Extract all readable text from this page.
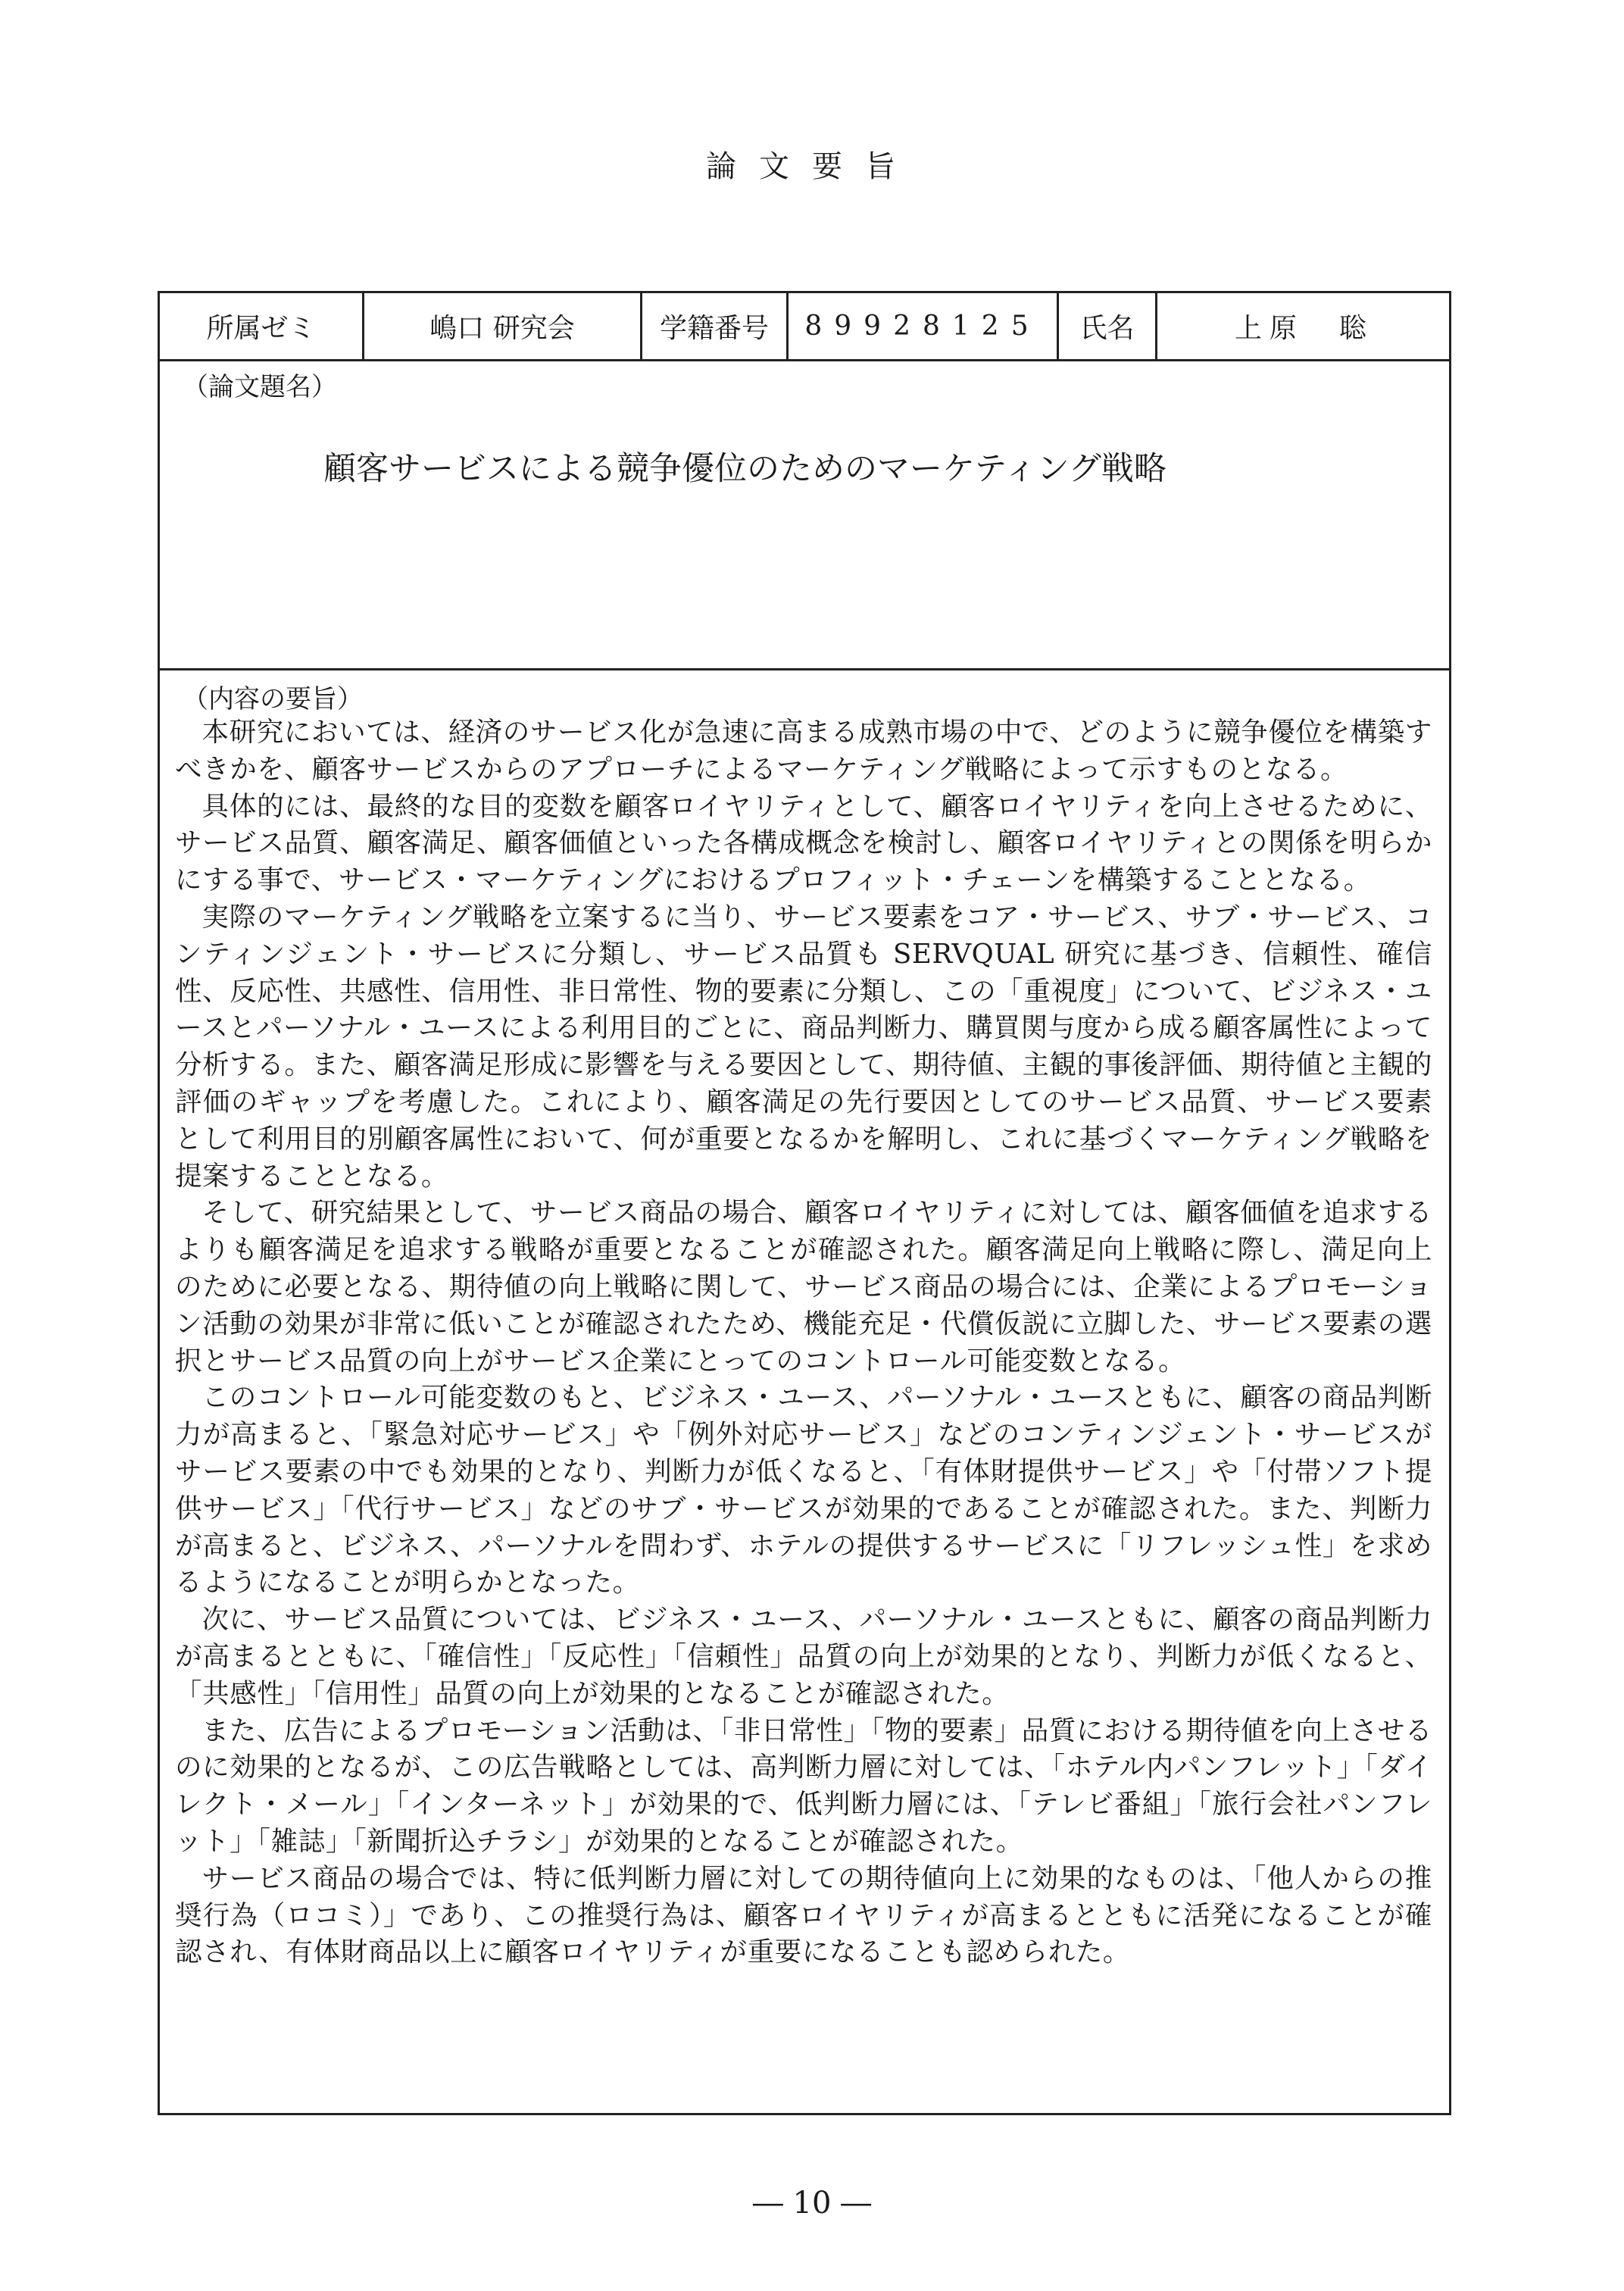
論文要旨
所属ゼミ	嶋口 研究会	学籍番号	89928125	氏名	上原　聡
（論文題名）
顧客サービスによる競争優位のためのマーケティング戦略
（内容の要旨）

本研究においては、経済のサービス化が急速に高まる成熟市場の中で、どのように競争優位を構築すべきかを、顧客サービスからのアプローチによるマーケティング戦略によって示すものとなる。

具体的には、最終的な目的変数を顧客ロイヤリティとして、顧客ロイヤリティを向上させるために、サービス品質、顧客満足、顧客価値といった各構成概念を検討し、顧客ロイヤリティとの関係を明らかにする事で、サービス・マーケティングにおけるプロフィット・チェーンを構築することとなる。

実際のマーケティング戦略を立案するに当り、サービス要素をコア・サービス、サブ・サービス、コンティンジェント・サービスに分類し、サービス品質も SERVQUAL 研究に基づき、信頼性、確信性、反応性、共感性、信用性、非日常性、物的要素に分類し、この「重視度」について、ビジネス・ユースとパーソナル・ユースによる利用目的ごとに、商品判断力、購買関与度から成る顧客属性によって分析する。また、顧客満足形成に影響を与える要因として、期待値、主観的事後評価、期待値と主観的評価のギャップを考慮した。これにより、顧客満足の先行要因としてのサービス品質、サービス要素として利用目的別顧客属性において、何が重要となるかを解明し、これに基づくマーケティング戦略を提案することとなる。

そして、研究結果として、サービス商品の場合、顧客ロイヤリティに対しては、顧客価値を追求するよりも顧客満足を追求する戦略が重要となることが確認された。顧客満足向上戦略に際し、満足向上のために必要となる、期待値の向上戦略に関して、サービス商品の場合には、企業によるプロモーション活動の効果が非常に低いことが確認されたため、機能充足・代償仮説に立脚した、サービス要素の選択とサービス品質の向上がサービス企業にとってのコントロール可能変数となる。

このコントロール可能変数のもと、ビジネス・ユース、パーソナル・ユースともに、顧客の商品判断力が高まると、「緊急対応サービス」や「例外対応サービス」などのコンティンジェント・サービスがサービス要素の中でも効果的となり、判断力が低くなると、「有体財提供サービス」や「付帯ソフト提供サービス」「代行サービス」などのサブ・サービスが効果的であることが確認された。また、判断力が高まると、ビジネス、パーソナルを問わず、ホテルの提供するサービスに「リフレッシュ性」を求めるようになることが明らかとなった。

次に、サービス品質については、ビジネス・ユース、パーソナル・ユースともに、顧客の商品判断力が高まるとともに、「確信性」「反応性」「信頼性」品質の向上が効果的となり、判断力が低くなると、「共感性」「信用性」品質の向上が効果的となることが確認された。

また、広告によるプロモーション活動は、「非日常性」「物的要素」品質における期待値を向上させるのに効果的となるが、この広告戦略としては、高判断力層に対しては、「ホテル内パンフレット」「ダイレクト・メール」「インターネット」が効果的で、低判断力層には、「テレビ番組」「旅行会社パンフレット」「雑誌」「新聞折込チラシ」が効果的となることが確認された。

サービス商品の場合では、特に低判断力層に対しての期待値向上に効果的なものは、「他人からの推奨行為（ロコミ）」であり、この推奨行為は、顧客ロイヤリティが高まるとともに活発になることが確認され、有体財商品以上に顧客ロイヤリティが重要になることも認められた。

― 10 ―
